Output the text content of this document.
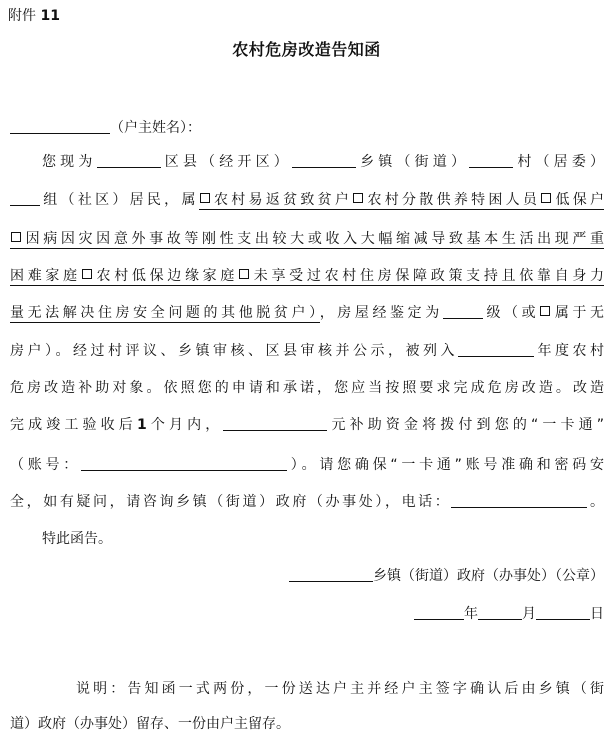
附件 11
农村危房改造告知函
（户主姓名）：
您现为	区县（经开区）	乡镇（街道）	村（居委）
组（社区）居民，属 农村易返贫致贫户 农村分散供养特困人员 低保户
因病因灾因意外事故等刚性支出较大或收入大幅缩减导致基本生活出现严重
困难家庭 农村低保边缘家庭 未享受过农村住房保障政策支持且依靠自身力
量无法解决住房安全问题的其他脱贫户），房屋经鉴定为	级（或 属于无
房户）。经过村评议、乡镇审核、区县审核并公示，被列入	年度农村
危房改造补助对象。依照您的申请和承诺，您应当按照要求完成危房改造。改造
完成竣工验收后1个月内，	元补助资金将拨付到您的“一卡通”
（账号：	）。请您确保“一卡通”账号准确和密码安
全，如有疑问，请咨询乡镇（街道）政府（办事处），电话：	。
特此函告。
乡镇（街道）政府（办事处）（公章）
年	月	日
说明：告知函一式两份，一份送达户主并经户主签字确认后由乡镇（街
道）政府（办事处）留存、一份由户主留存。
